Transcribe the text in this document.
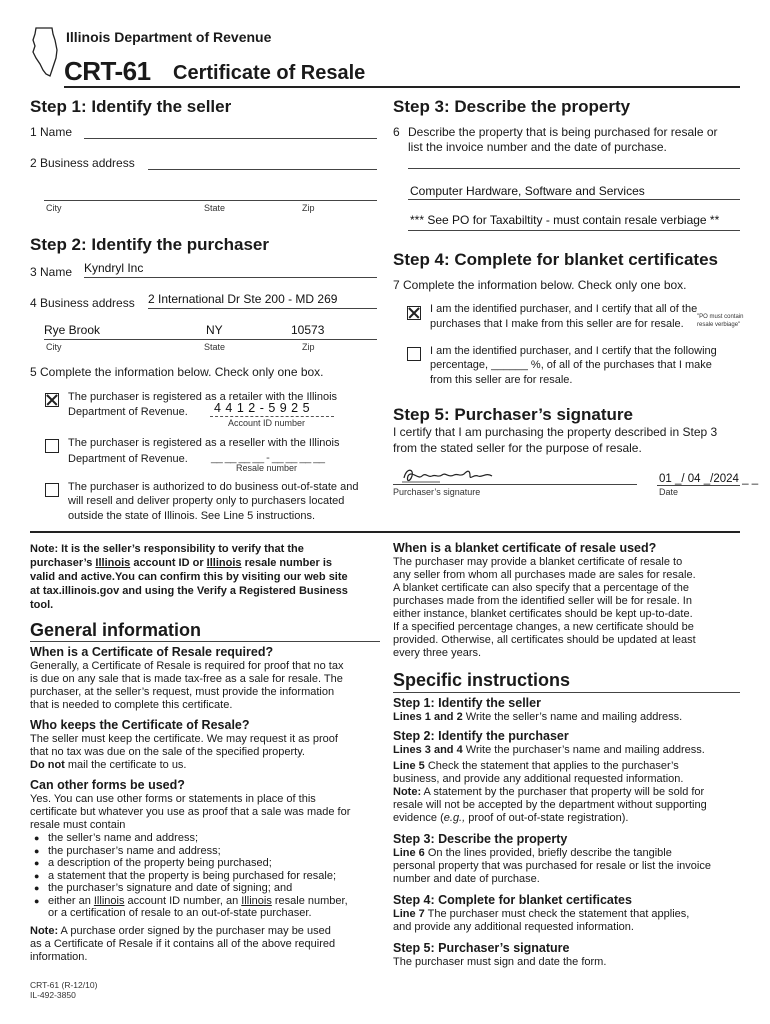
Illinois Department of Revenue
CRT-61 Certificate of Resale
Step 1: Identify the seller
1 Name
2 Business address
City	State	Zip
Step 2: Identify the purchaser
3 Name Kyndryl Inc
4 Business address 2 International Dr Ste 200 - MD 269
Rye Brook	NY	10573
City	State	Zip
5 Complete the information below. Check only one box.
The purchaser is registered as a retailer with the Illinois
Department of Revenue. 4 4 1 2 - 5 9 2 5
Account ID number
The purchaser is registered as a reseller with the Illinois
Department of Revenue. __ __ __ __ - __ __ __ __
Resale number
The purchaser is authorized to do business out-of-state and
will resell and deliver property only to purchasers located
outside the state of Illinois. See Line 5 instructions.
Step 3: Describe the property
6 Describe the property that is being purchased for resale or
list the invoice number and the date of purchase.
Computer Hardware, Software and Services
*** See PO for Taxabiltity - must contain resale verbiage **
Step 4: Complete for blanket certificates
7 Complete the information below. Check only one box.
I am the identified purchaser, and I certify that all of the
purchases that I make from this seller are for resale.
"PO must contain
resale verbiage"
I am the identified purchaser, and I certify that the following
percentage, ______ %, of all of the purchases that I make
from this seller are for resale.
Step 5: Purchaser’s signature
I certify that I am purchasing the property described in Step 3
from the stated seller for the purpose of resale.
Purchaser’s signature
01 _/ 04 _/2024 _ _
Date
Note: It is the seller’s responsibility to verify that the
purchaser’s Illinois account ID or Illinois resale number is
valid and active.You can confirm this by visiting our web site
at tax.illinois.gov and using the Verify a Registered Business
tool.
General information
When is a Certificate of Resale required?
Generally, a Certificate of Resale is required for proof that no tax
is due on any sale that is made tax-free as a sale for resale. The
purchaser, at the seller’s request, must provide the information
that is needed to complete this certificate.
Who keeps the Certificate of Resale?
The seller must keep the certificate. We may request it as proof
that no tax was due on the sale of the specified property.
Do not mail the certificate to us.
Can other forms be used?
Yes. You can use other forms or statements in place of this
certificate but whatever you use as proof that a sale was made for
resale must contain
● the seller’s name and address;
● the purchaser’s name and address;
● a description of the property being purchased;
● a statement that the property is being purchased for resale;
● the purchaser’s signature and date of signing; and
● either an Illinois account ID number, an Illinois resale number,
or a certification of resale to an out-of-state purchaser.
Note: A purchase order signed by the purchaser may be used
as a Certificate of Resale if it contains all of the above required
information.
When is a blanket certificate of resale used?
The purchaser may provide a blanket certificate of resale to
any seller from whom all purchases made are sales for resale.
A blanket certificate can also specify that a percentage of the
purchases made from the identified seller will be for resale. In
either instance, blanket certificates should be kept up-to-date.
If a specified percentage changes, a new certificate should be
provided. Otherwise, all certificates should be updated at least
every three years.
Specific instructions
Step 1: Identify the seller
Lines 1 and 2 Write the seller’s name and mailing address.
Step 2: Identify the purchaser
Lines 3 and 4 Write the purchaser’s name and mailing address.
Line 5 Check the statement that applies to the purchaser’s
business, and provide any additional requested information.
Note: A statement by the purchaser that property will be sold for
resale will not be accepted by the department without supporting
evidence (e.g., proof of out-of-state registration).
Step 3: Describe the property
Line 6 On the lines provided, briefly describe the tangible
personal property that was purchased for resale or list the invoice
number and date of purchase.
Step 4: Complete for blanket certificates
Line 7 The purchaser must check the statement that applies,
and provide any additional requested information.
Step 5: Purchaser’s signature
The purchaser must sign and date the form.
CRT-61 (R-12/10)
IL-492-3850
